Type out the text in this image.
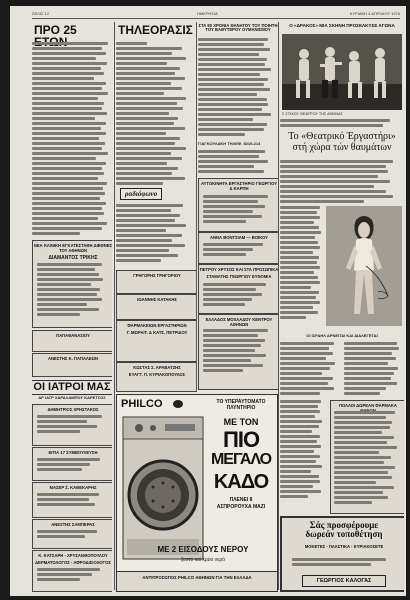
ΣΕΛΙΣ 12	ΗΜΕΡΗΣΙΑ	ΚΥΡΙΑΚΗ 4 ΑΠΡΙΛΙΟΥ 1976
ΠΡΟ 25
ΝΕΑ ΚΛΙΝΙΚΗ ΕΓΚΑΤΕΣΤΑΘΗ ΔΙΕΘΝΕΣ ΤΟΥ ΑΘΗΝΩΝ
ΔΙΑΜΑΝΤΟΣ ΤΡΙΚΗΣ
ΠΑΠΑΘΑΝΑΣΙΟΥ
ΑΝΕΣΤΗΣ Κ. ΠΑΠΑΛΕΩΝ
ΟΙ ΙΑΤΡΟΙ ΜΑΣ
ΔΡ ΙΑΤΡ ΧΑΡΑΛΑΜΠΟΥ ΚΑΡΕΤΣΟΣ
ΔΗΜΗΤΡΙΟΣ ΧΡΗΣΤΑΚΟΣ
ΕΙΤΙΑ 17 ΣΥΜΒΟΥΛΕΥΣΗ
ΜΑΣΕΡ Σ. ΚΑΘΕΚΑΡΗΣ
ΑΝΕΣΤΗΣ ΣΑΜΠΕΡΑΣ
Κ. ΚΑΤΣΑΡΗ - ΧΡΥΣΑΝΘΟΠΟΥΛΟΥ
ΔΕΡΜΑΤΟΛΟΓΟΣ - ΑΦΡΟΔΙΣΙΟΛΟΓΟΣ
ΤΗΛΕΟΡΑΣΙΣ
ραδιόφωνο
ΓΡΗΓΟΡΗΣ ΓΡΗΓΟΡΙΟΥ
ΙΩΑΝΝΗΣ ΚΑΤΑΚΗΣ
ΦΑΡΜΑΚΕΙΩΝ ΕΡΓΑΣΤΗΡΙΩΝ
Γ. ΜΩΡΑΙΤ. & ΚΑΤΣ. ΠΕΤΡΙΔΟΥ
ΚΩΣΤΑΣ Σ. ΑΡΑΒΑΤΖΗΣ
ΕΥΑΓΓ. Π. ΚΥΡΙΑΚΟΠΟΥΛΟΣ
ΣΤΑ 50 ΧΡΟΝΙΑ ΘΑΝΑΤΟΥ ΤΟΥ ΠΟΙΗΤΗ ΤΟΥ ΒΑΘΥΤΕΡΟΥ ΟΥΜΑΝΙΣΜΟΥ
ΓΙΑΓΚΟΥΛΑΚΗ ΤΗΛΕΦ. 5219-214
ΑΥΤΟΚΙΝΗΤΑ ΕΡΓΑΣΤΗΡΙΟ ΓΕΩΡΓΙΟΥ & ΚΑΡΠΗ
ΑΝΝΑ ΒΟΝΤΣΙΑΜ — ΒΟΙΚΟΥ
ΠΕΤΡΟΥ ΧΡΥΣΟΣ ΚΑΙ ΣΤΑ ΠΡΟΣΩΠΙΚΑ
ΣΤΑΜΑΤΗΣ ΓΕΩΡΓΙΟΥ ΕΥΝΟΜΙΑ
ΕΛΛΑΔΟΣ ΜΟΧΛΑΔΟΥ ΚΕΝΤΡΟΥ ΑΘΗΝΩΝ
Ο «ΔΡΑΚΟΣ» ΜΙΑ ΣΚΗΝΗ ΠΡΟΣΕΛΚΥΣΕ ΑΓΩΝΑ
Σ ΣΤΙΧΟΥ ΘΕΑΤΡΟΥ ΤΗΣ ΑΘΗΝΑΣ
Το «Θεατρικό Έργαστήρι» στή χώρα τών θαυμάτων
ΟΙ ΙΣΡΑΗΛ ΑΡΝΕΙΤΑΙ ΚΑΙ ΔΙΑΛΕΓΕΤΑΙ
ΠΟΛΛΟΙ ΔΩΡΕΑΝ ΦΑΡΜΑΚΑ
Σάς προσφέρουμε
δωρεάν τοποθέτηση
ΜΟΚΕΤΕΣ - ΠΛΑΣΤΙΚΑ - ΚΥΡΙΑΚΟΣΕΤΕ
ΓΕΩΡΓΙΟΣ ΚΑΛΟΓΑΣ
PHILCO	ΤΟ ΥΠΕΡΑΥΤΟΜΑΤΟ ΠΛΥΝΤΗΡΙΟ
ΜΕ ΤΟΝ
ΠΙΟ
ΜΕΓΑΛΟ
ΚΑΔΟ
ΠΛΕΝΕΙ 8 ΑΣΠΡΟΡΟΥΧΑ ΜΑΖΙ
ΜΕ 2 ΕΙΣΟΔΟΥΣ ΝΕΡΟΥ
ζεστό και κρύο νερό
ΑΝΤΙΠΡΟΣΩΠΟΣ PHILCO ΑΘΗΝΩΝ ΓΙΑ ΤΗΝ ΕΛΛΑΔΑ
